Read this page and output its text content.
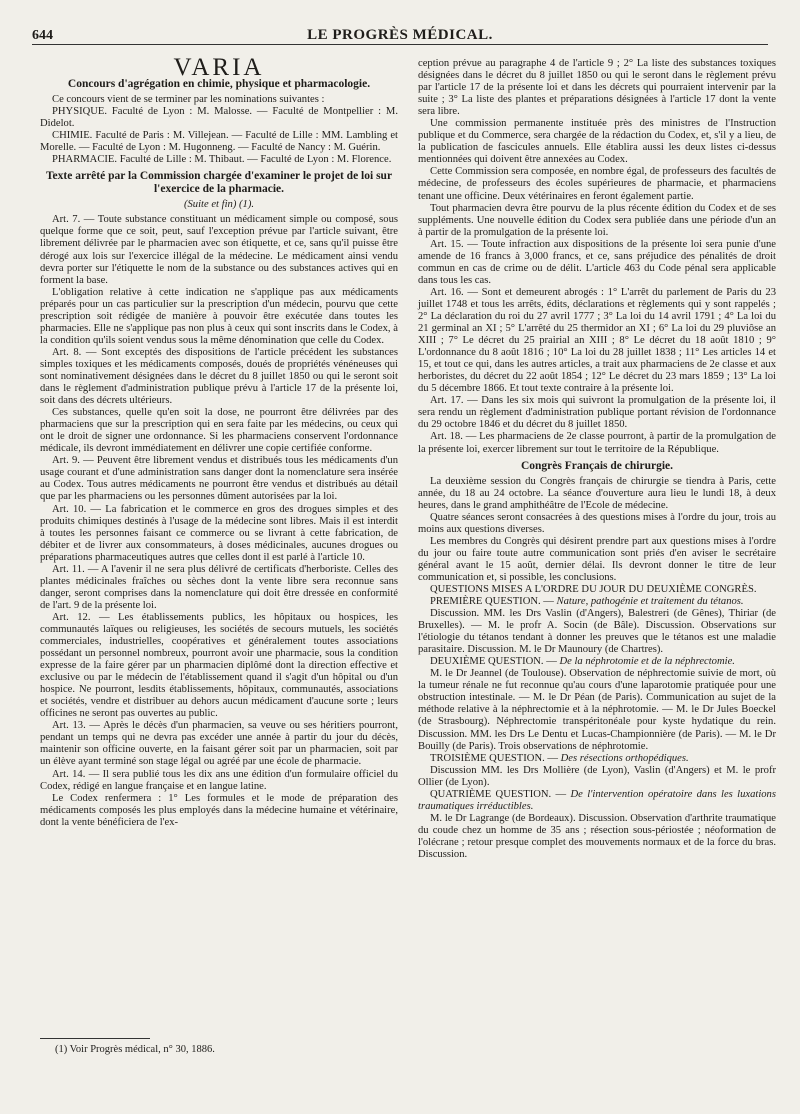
644	LE PROGRÈS MÉDICAL.
VARIA
Concours d'agrégation en chimie, physique et pharmacologie.

Ce concours vient de se terminer par les nominations suivantes :

PHYSIQUE. Faculté de Lyon : M. Malosse. — Faculté de Montpellier : M. Didelot.

CHIMIE. Faculté de Paris : M. Villejean. — Faculté de Lille : MM. Lambling et Morelle. — Faculté de Lyon : M. Hugonneng. — Faculté de Nancy : M. Guérin.

PHARMACIE. Faculté de Lille : M. Thibaut. — Faculté de Lyon : M. Florence.

Texte arrêté par la Commission chargée d'examiner le projet de loi sur l'exercice de la pharmacie.
(Suite et fin) (1).

Art. 7. — Toute substance constituant un médicament simple ou composé, sous quelque forme que ce soit, peut, sauf l'exception prévue par l'article suivant, être librement délivrée par le pharmacien avec son étiquette, et ce, sans qu'il puisse être dérogé aux lois sur l'exercice illégal de la médecine. Le médicament ainsi vendu devra porter sur l'étiquette le nom de la substance ou des substances actives qui en forment la base.

L'obligation relative à cette indication ne s'applique pas aux médicaments préparés pour un cas particulier sur la prescription d'un médecin, pourvu que cette prescription soit rédigée de manière à pouvoir être exécutée dans toutes les pharmacies. Elle ne s'applique pas non plus à ceux qui sont inscrits dans le Codex, à la condition qu'ils soient vendus sous la même dénomination que celle du Codex.

Art. 8. — Sont exceptés des dispositions de l'article précédent les substances simples toxiques et les médicaments composés, doués de propriétés vénéneuses qui sont nominativement désignées dans le décret du 8 juillet 1850 ou qui le seront soit dans le règlement d'administration publique prévu à l'article 17 de la présente loi, soit dans des décrets ultérieurs.

Ces substances, quelle qu'en soit la dose, ne pourront être délivrées par des pharmaciens que sur la prescription qui en sera faite par les médecins, ou ceux qui ont le droit de signer une ordonnance. Si les pharmaciens conservent l'ordonnance médicale, ils devront immédiatement en délivrer une copie certifiée conforme.

Art. 9. — Peuvent être librement vendus et distribués tous les médicaments d'un usage courant et d'une administration sans danger dont la nomenclature sera insérée au Codex. Tous autres médicaments ne pourront être vendus et distribués au détail que par les pharmaciens ou les personnes dûment autorisées par la loi.

Art. 10. — La fabrication et le commerce en gros des drogues simples et des produits chimiques destinés à l'usage de la médecine sont libres. Mais il est interdit à toutes les personnes faisant ce commerce ou se livrant à cette fabrication, de débiter et de livrer aux consommateurs, à doses médicinales, aucunes drogues ou préparations pharmaceutiques autres que celles dont il est parlé à l'article 10.

Art. 11. — A l'avenir il ne sera plus délivré de certificats d'herboriste. Celles des plantes médicinales fraîches ou sèches dont la vente libre sera reconnue sans danger, seront comprises dans la nomenclature qui doit être dressée en conformité de l'art. 9 de la présente loi.

Art. 12. — Les établissements publics, les hôpitaux ou hospices, les communautés laïques ou religieuses, les sociétés de secours mutuels, les sociétés commerciales, industrielles, coopératives et généralement toutes associations possédant un personnel nombreux, pourront avoir une pharmacie, sous la condition expresse de la faire gérer par un pharmacien diplômé dont la direction effective et exclusive ou par le médecin de l'établissement quand il s'agit d'un hôpital ou d'un hospice. Ne pourront, lesdits établissements, hôpitaux, communautés, associations et sociétés, vendre et distribuer au dehors aucun médicament d'aucune sorte ; leurs officines ne seront pas ouvertes au public.

Art. 13. — Après le décès d'un pharmacien, sa veuve ou ses héritiers pourront, pendant un temps qui ne devra pas excéder une année à partir du jour du décès, maintenir son officine ouverte, en la faisant gérer soit par un pharmacien, soit par un élève ayant terminé son stage légal ou agréé par une école de pharmacie.

Art. 14. — Il sera publié tous les dix ans une édition d'un formulaire officiel du Codex, rédigé en langue française et en langue latine.

Le Codex renfermera : 1° Les formules et le mode de préparation des médicaments composés les plus employés dans la médecine humaine et vétérinaire, dont la vente bénéficiera de l'ex-

ception prévue au paragraphe 4 de l'article 9 ; 2° La liste des substances toxiques désignées dans le décret du 8 juillet 1850 ou qui le seront dans le règlement prévu par l'article 17 de la présente loi et dans les décrets qui pourraient intervenir par la suite ; 3° La liste des plantes et préparations désignées à l'article 17 dont la vente sera libre.

Une commission permanente instituée près des ministres de l'Instruction publique et du Commerce, sera chargée de la rédaction du Codex, et, s'il y a lieu, de la publication de fascicules annuels. Elle établira aussi les deux listes ci-dessus mentionnées qui doivent être annexées au Codex.

Cette Commission sera composée, en nombre égal, de professeurs des facultés de médecine, de professeurs des écoles supérieures de pharmacie, et pharmaciens tenant une officine. Deux vétérinaires en feront également partie.

Tout pharmacien devra être pourvu de la plus récente édition du Codex et de ses suppléments. Une nouvelle édition du Codex sera publiée dans une période d'un an à partir de la promulgation de la présente loi.

Art. 15. — Toute infraction aux dispositions de la présente loi sera punie d'une amende de 16 francs à 3,000 francs, et ce, sans préjudice des pénalités de droit commun en cas de crime ou de délit. L'article 463 du Code pénal sera applicable dans tous les cas.

Art. 16. — Sont et demeurent abrogés : 1° L'arrêt du parlement de Paris du 23 juillet 1748 et tous les arrêts, édits, déclarations et règlements qui y sont rappelés ; 2° La déclaration du roi du 27 avril 1777 ; 3° La loi du 14 avril 1791 ; 4° La loi du 21 germinal an XI ; 5° L'arrêté du 25 thermidor an XI ; 6° La loi du 29 pluviôse an XIII ; 7° Le décret du 25 prairial an XIII ; 8° Le décret du 18 août 1810 ; 9° L'ordonnance du 8 août 1816 ; 10° La loi du 28 juillet 1838 ; 11° Les articles 14 et 15, et tout ce qui, dans les autres articles, a trait aux pharmaciens de 2e classe et aux herboristes, du décret du 22 août 1854 ; 12° Le décret du 23 mars 1859 ; 13° La loi du 5 décembre 1866. Et tout texte contraire à la présente loi.

Art. 17. — Dans les six mois qui suivront la promulgation de la présente loi, il sera rendu un règlement d'administration publique portant révision de l'ordonnance du 29 octobre 1846 et du décret du 8 juillet 1850.

Art. 18. — Les pharmaciens de 2e classe pourront, à partir de la promulgation de la présente loi, exercer librement sur tout le territoire de la République.

Congrès Français de chirurgie.

La deuxième session du Congrès français de chirurgie se tiendra à Paris, cette année, du 18 au 24 octobre. La séance d'ouverture aura lieu le lundi 18, à deux heures, dans le grand amphithéâtre de l'Ecole de médecine.

Quatre séances seront consacrées à des questions mises à l'ordre du jour, trois au moins aux questions diverses.

Les membres du Congrès qui désirent prendre part aux questions mises à l'ordre du jour ou faire toute autre communication sont priés d'en aviser le secrétaire général avant le 15 août, dernier délai. Ils devront donner le titre de leur communication et, si possible, les conclusions.

QUESTIONS MISES A L'ORDRE DU JOUR DU DEUXIÈME CONGRÈS.

PREMIÈRE QUESTION. — Nature, pathogénie et traitement du tétanos.

Discussion. MM. les Drs Vaslin (d'Angers), Balestreri (de Gênes), Thiriar (de Bruxelles). — M. le profr A. Socin (de Bâle). Discussion. Observations sur l'étiologie du tétanos tendant à donner les preuves que le tétanos est une maladie parasitaire. Discussion. M. le Dr Maunoury (de Chartres).

DEUXIÈME QUESTION. — De la néphrotomie et de la néphrectomie.

M. le Dr Jeannel (de Toulouse). Observation de néphrectomie suivie de mort, où la tumeur rénale ne fut reconnue qu'au cours d'une laparotomie pratiquée pour une obstruction intestinale. — M. le Dr Péan (de Paris). Communication au sujet de la méthode relative à la néphrectomie et à la néphrotomie. — M. le Dr Jules Boeckel (de Strasbourg). Néphrectomie transpéritonéale pour kyste hydatique du rein. Discussion. MM. les Drs Le Dentu et Lucas-Championnière (de Paris). — M. le Dr Bouilly (de Paris). Trois observations de néphrotomie.

TROISIÈME QUESTION. — Des résections orthopédiques.

Discussion MM. les Drs Mollière (de Lyon), Vaslin (d'Angers) et M. le profr Ollier (de Lyon).

QUATRIÈME QUESTION. — De l'intervention opératoire dans les luxations traumatiques irréductibles.

M. le Dr Lagrange (de Bordeaux). Discussion. Observation d'arthrite traumatique du coude chez un homme de 35 ans ; résection sous-périostée ; néoformation de l'olécrane ; retour presque complet des mouvements normaux et de la force du bras. Discussion.

(1) Voir Progrès médical, n° 30, 1886.
